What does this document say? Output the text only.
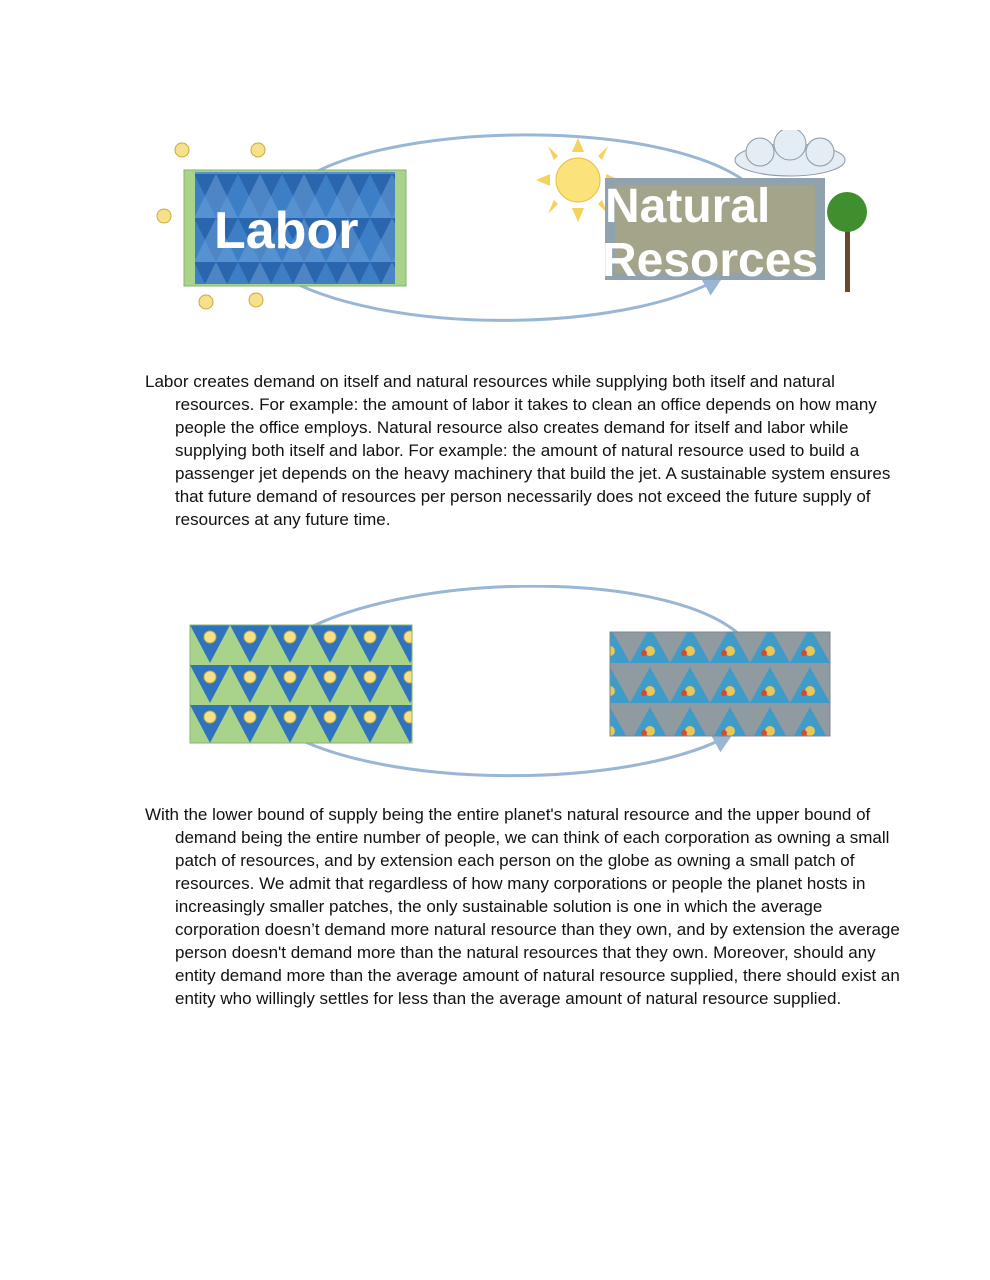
Labor	Natural
Resorces

Labor creates demand on itself and natural resources while supplying both itself and natural resources. For example: the amount of labor it takes to clean an office depends on how many people the office employs. Natural resource also creates demand for itself and labor while supplying both itself and labor. For example: the amount of natural resource used to build a passenger jet depends on the heavy machinery that build the jet. A sustainable system ensures that future demand of resources per person necessarily does not exceed the future supply of resources at any future time.

With the lower bound of supply being the entire planet's natural resource and the upper bound of demand being the entire number of people, we can think of each corporation as owning a small patch of resources, and by extension each person on the globe as owning a small patch of resources. We admit that regardless of how many corporations or people the planet hosts in increasingly smaller patches, the only sustainable solution is one in which the average corporation doesn’t demand more natural resource than they own, and by extension the average person doesn't demand more than the natural resources that they own. Moreover, should any entity demand more than the average amount of natural resource supplied, there should exist an entity who willingly settles for less than the average amount of natural resource supplied.
